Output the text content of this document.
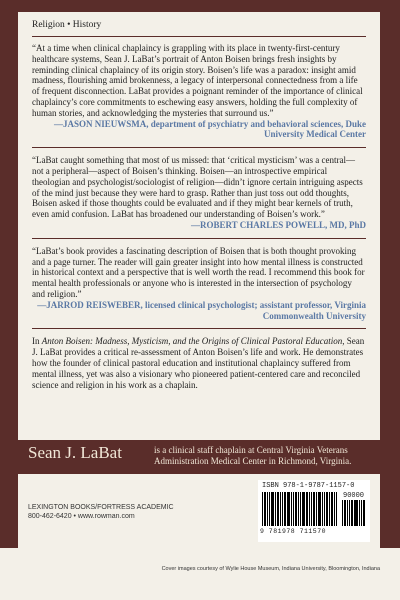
Religion • History

“At a time when clinical chaplaincy is grappling with its place in twenty-first-century healthcare systems, Sean J. LaBat’s portrait of Anton Boisen brings fresh insights by reminding clinical chaplaincy of its origin story. Boisen’s life was a paradox: insight amid madness, flourishing amid brokenness, a legacy of interpersonal connectedness from a life of frequent disconnection. LaBat provides a poignant reminder of the importance of clinical chaplaincy’s core commitments to eschewing easy answers, holding the full complexity of human stories, and acknowledging the mysteries that surround us.”

—JASON NIEUWSMA, department of psychiatry and behavioral sciences, Duke University Medical Center

“LaBat caught something that most of us missed: that ‘critical mysticism’ was a central—not a peripheral—aspect of Boisen’s thinking. Boisen—an introspective empirical theologian and psychologist/sociologist of religion—didn’t ignore certain intriguing aspects of the mind just because they were hard to grasp. Rather than just toss out odd thoughts, Boisen asked if those thoughts could be evaluated and if they might bear kernels of truth, even amid confusion. LaBat has broadened our understanding of Boisen’s work.”

—ROBERT CHARLES POWELL, MD, PhD

“LaBat’s book provides a fascinating description of Boisen that is both thought provoking and a page turner. The reader will gain greater insight into how mental illness is constructed in historical context and a perspective that is well worth the read. I recommend this book for mental health professionals or anyone who is interested in the intersection of psychology and religion.”

—JARROD REISWEBER, licensed clinical psychologist; assistant professor, Virginia Commonwealth University

In Anton Boisen: Madness, Mysticism, and the Origins of Clinical Pastoral Education, Sean J. LaBat provides a critical re-assessment of Anton Boisen’s life and work. He demonstrates how the founder of clinical pastoral education and institutional chaplaincy suffered from mental illness, yet was also a visionary who pioneered patient-centered care and reconciled science and religion in his work as a chaplain.

Sean J. LaBat	is a clinical staff chaplain at Central Virginia Veterans Administration Medical Center in Richmond, Virginia.
LEXINGTON BOOKS/FORTRESS ACADEMIC
800-462-6420 • www.rowman.com
ISBN 978-1-9787-1157-0
90000
9 781978 711570
Cover images courtesy of Wylie House Museum, Indiana University, Bloomington, Indiana
